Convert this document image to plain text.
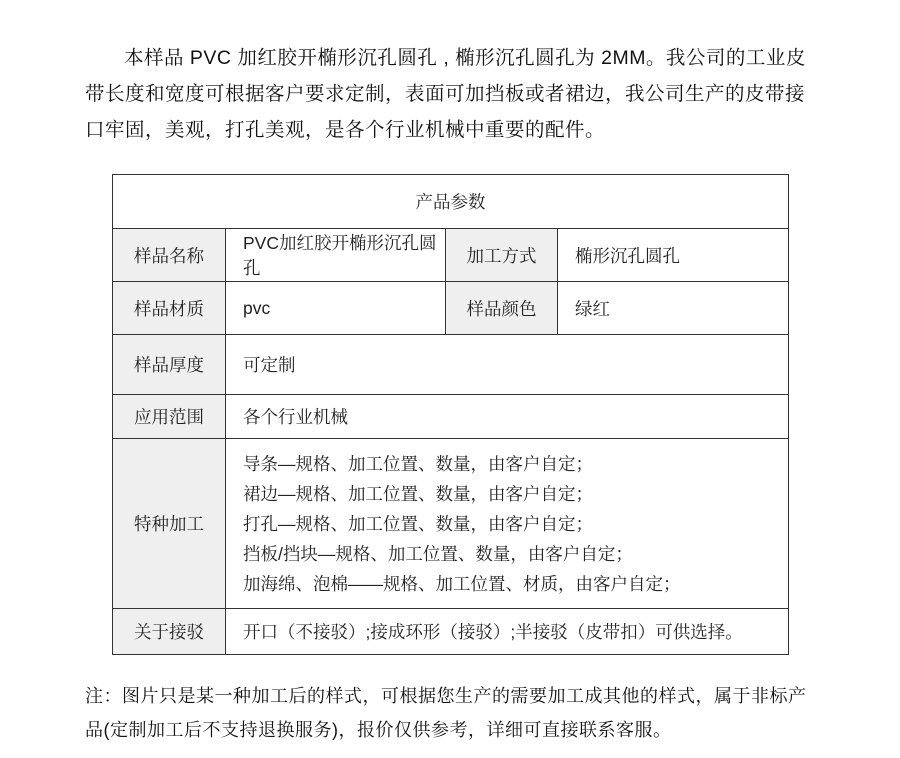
本样品 PVC 加红胶开椭形沉孔圆孔 , 椭形沉孔圆孔为 2MM。我公司的工业皮带长度和宽度可根据客户要求定制，表面可加挡板或者裙边，我公司生产的皮带接口牢固，美观，打孔美观，是各个行业机械中重要的配件。

产品参数			
样品名称	PVC加红胶开椭形沉孔圆孔	加工方式	椭形沉孔圆孔
样品材质	pvc	样品颜色	绿红
样品厚度	可定制		
应用范围	各个行业机械		
特种加工	导条—规格、加工位置、数量，由客户自定；
裙边—规格、加工位置、数量，由客户自定；
打孔—规格、加工位置、数量，由客户自定；
挡板/挡块—规格、加工位置、数量，由客户自定；
加海绵、泡棉——规格、加工位置、材质，由客户自定；		

关于接驳	开口（不接驳）;接成环形（接驳）;半接驳（皮带扣）可供选择。		

注：图片只是某一种加工后的样式，可根据您生产的需要加工成其他的样式，属于非标产品(定制加工后不支持退换服务)，报价仅供参考，详细可直接联系客服。
